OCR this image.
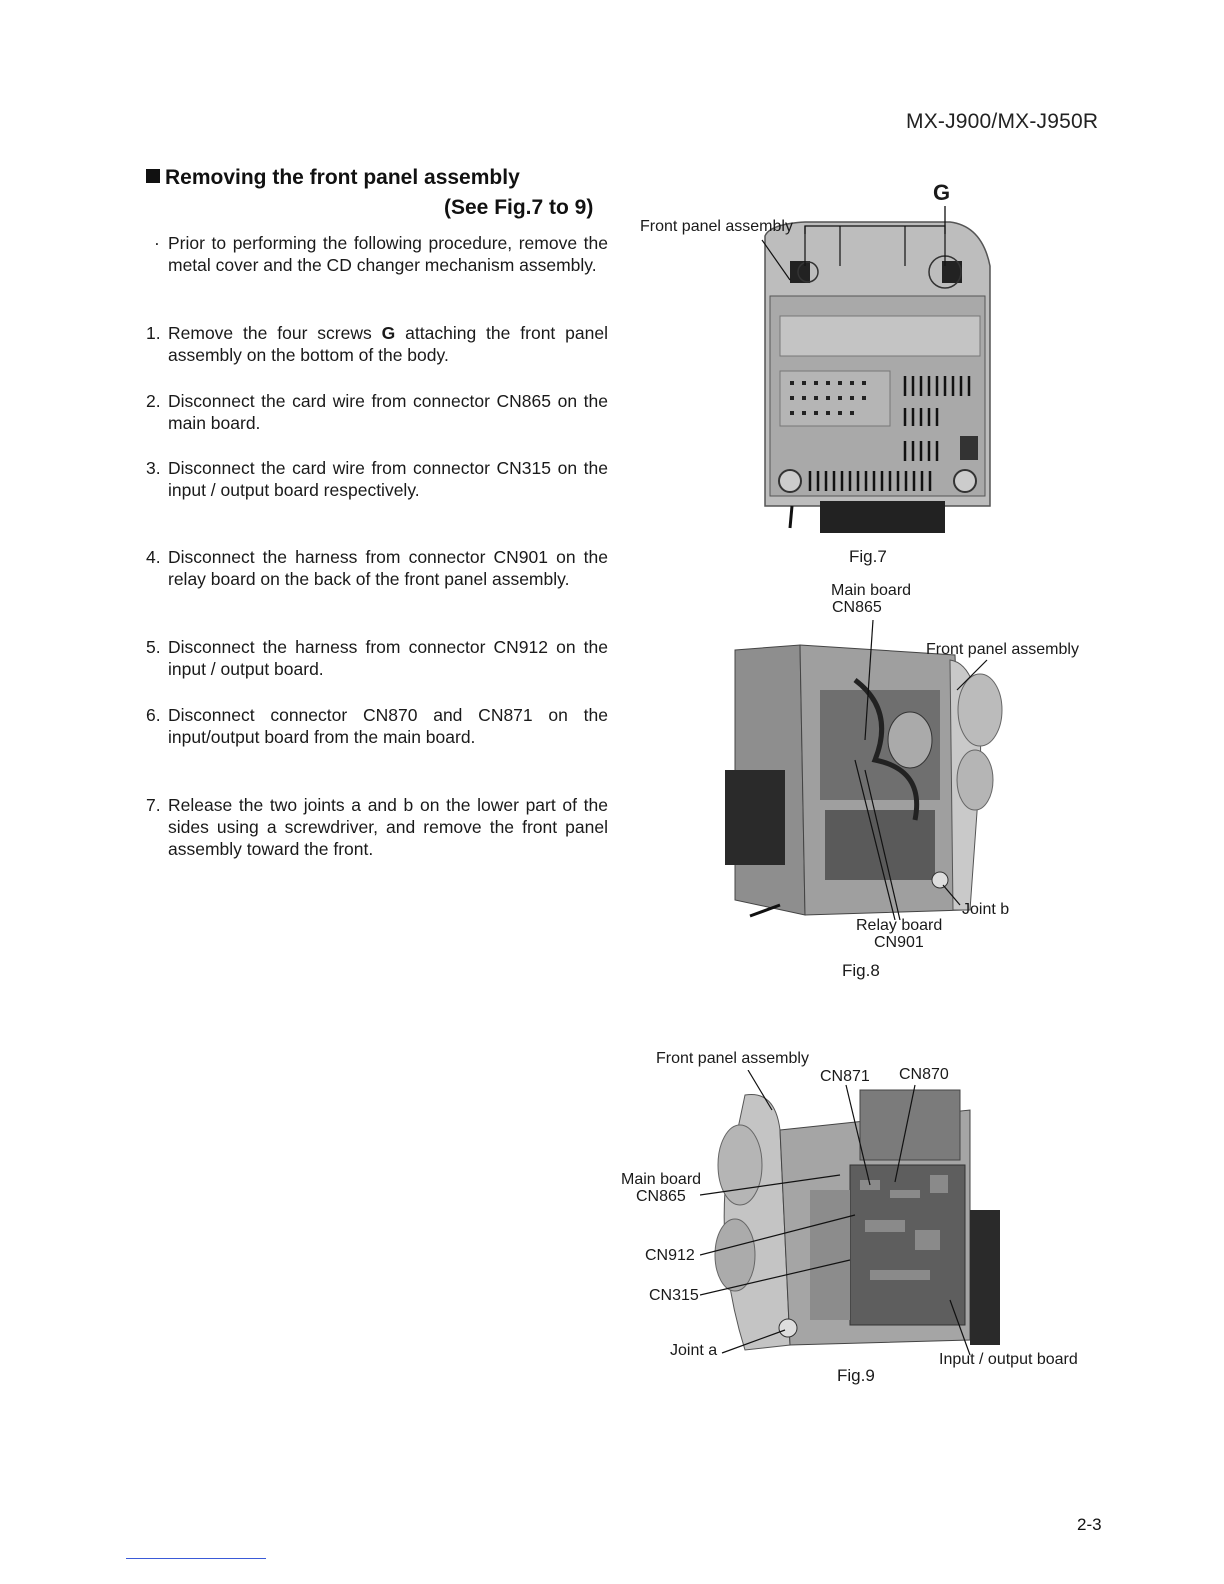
MX-J900/MX-J950R
Removing the front panel assembly
(See Fig.7 to 9)
· Prior to performing the following procedure, remove the metal cover and the CD changer mechanism assembly.
1. Remove the four screws G attaching the front panel assembly on the bottom of the body.
2. Disconnect the card wire from connector CN865 on the main board.
3. Disconnect the card wire from connector CN315 on the input / output board respectively.
4. Disconnect the harness from connector CN901 on the relay board on the back of the front panel assembly.
5. Disconnect the harness from connector CN912 on the input / output board.
6. Disconnect connector CN870 and CN871 on the input/output board from the main board.
7. Release the two joints a and b on the lower part of the sides using a screwdriver, and remove the front panel assembly toward the front.
G
Front panel assembly
Fig.7
Main board
CN865
Front panel assembly
Joint b
Relay board
CN901
Fig.8
Front panel assembly
CN871 CN870
Main board
CN865
CN912
CN315
Joint a
Input / output board
Fig.9
2-3
